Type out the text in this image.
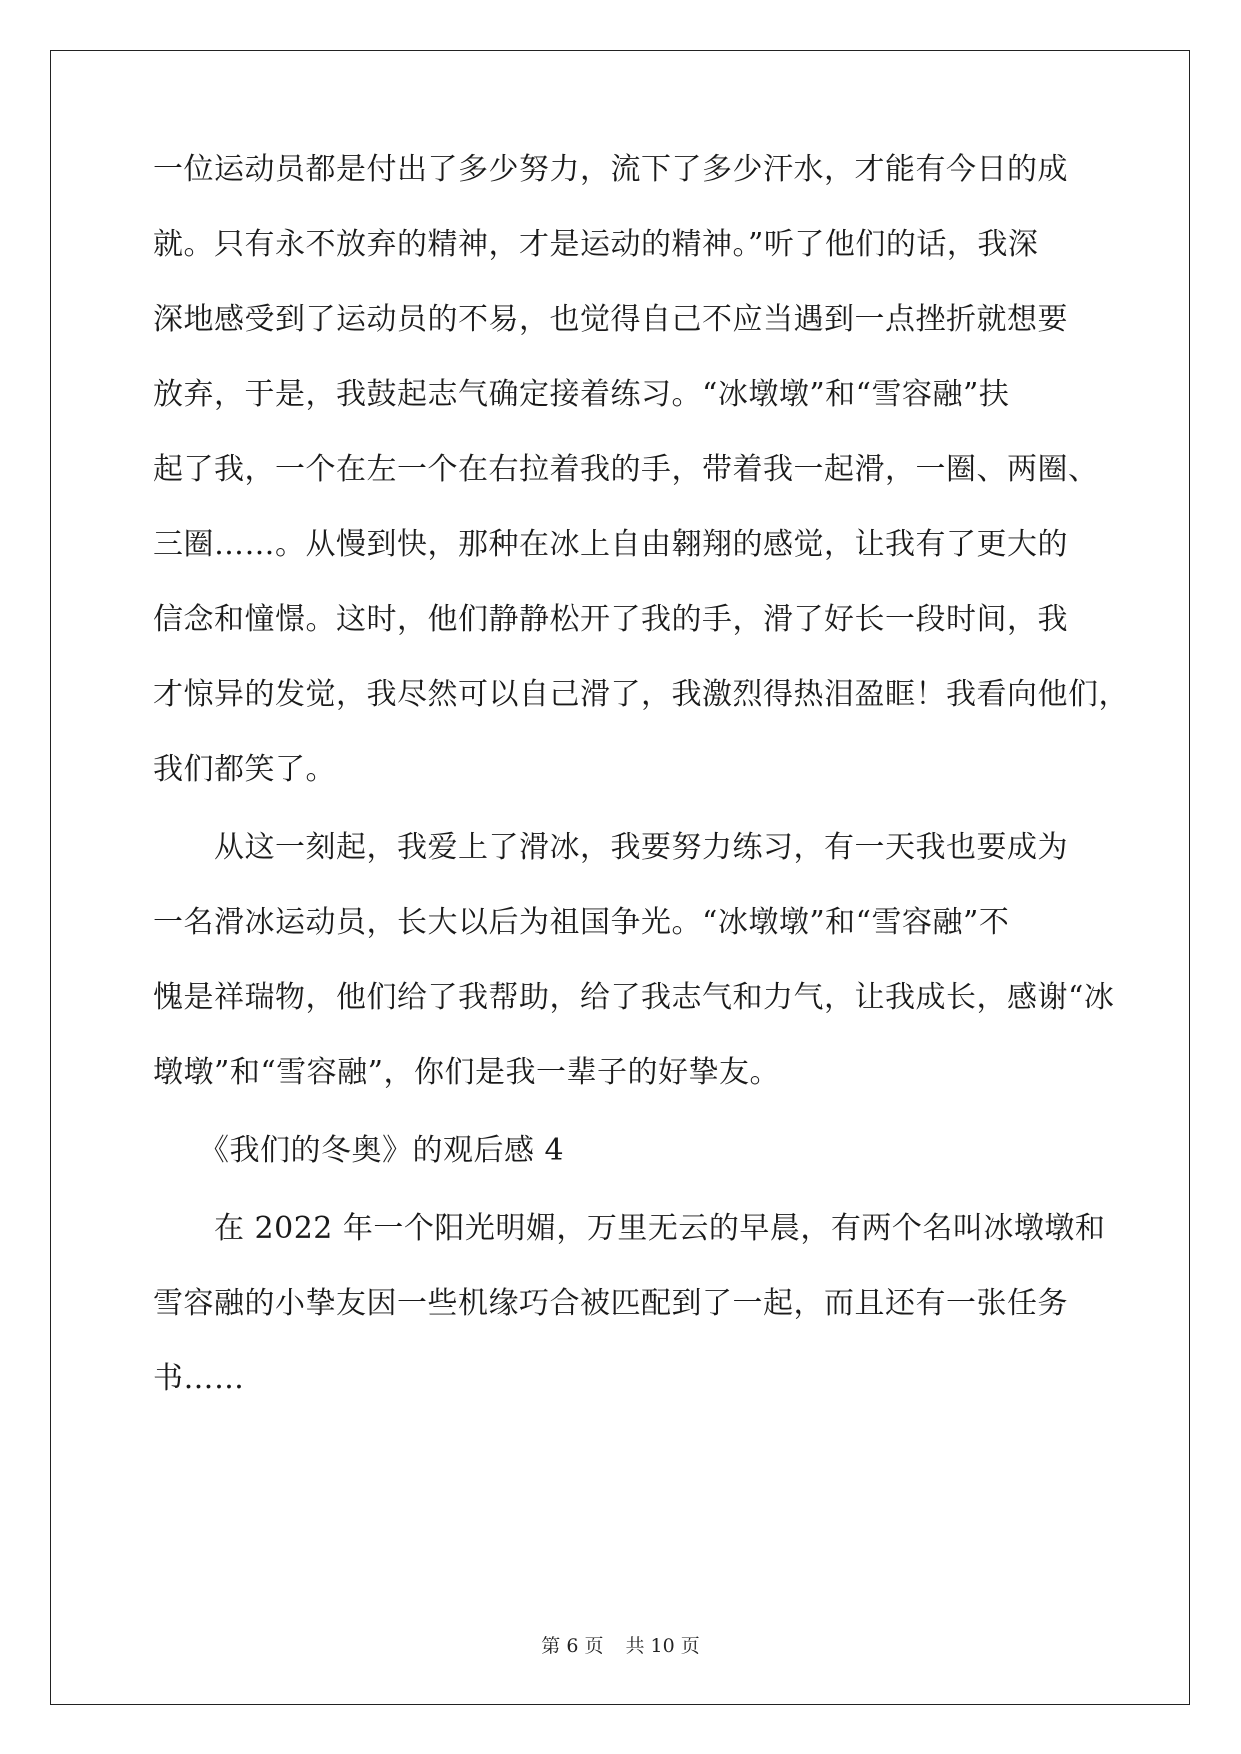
一位运动员都是付出了多少努力，流下了多少汗水，才能有今日的成
就。只有永不放弃的精神，才是运动的精神。”听了他们的话，我深
深地感受到了运动员的不易，也觉得自己不应当遇到一点挫折就想要
放弃，于是，我鼓起志气确定接着练习。“冰墩墩”和“雪容融”扶
起了我，一个在左一个在右拉着我的手，带着我一起滑，一圈、两圈、
三圈……。从慢到快，那种在冰上自由翱翔的感觉，让我有了更大的
信念和憧憬。这时，他们静静松开了我的手，滑了好长一段时间，我
才惊异的发觉，我尽然可以自己滑了，我激烈得热泪盈眶！我看向他们，
我们都笑了。
　　从这一刻起，我爱上了滑冰，我要努力练习，有一天我也要成为
一名滑冰运动员，长大以后为祖国争光。“冰墩墩”和“雪容融”不
愧是祥瑞物，他们给了我帮助，给了我志气和力气，让我成长，感谢“冰
墩墩”和“雪容融”，你们是我一辈子的好挚友。
　　《我们的冬奥》的观后感 4
　　在 2022 年一个阳光明媚，万里无云的早晨，有两个名叫冰墩墩和
雪容融的小挚友因一些机缘巧合被匹配到了一起，而且还有一张任务
书……
第 6 页 共 10 页
